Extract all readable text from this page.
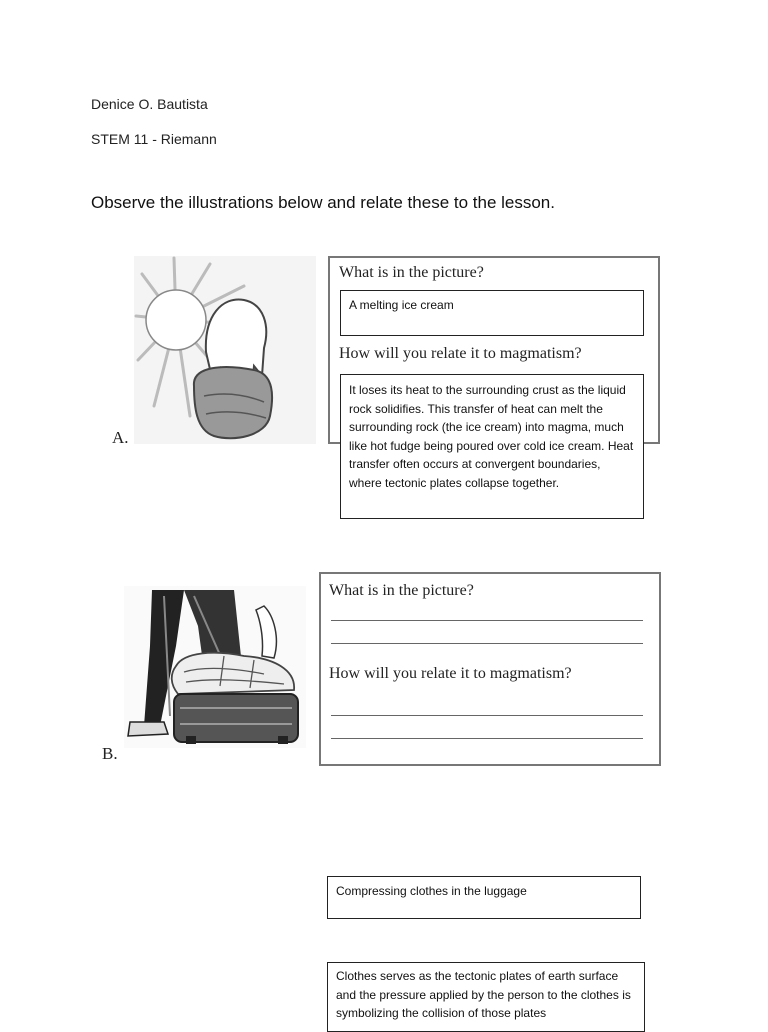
Denice O. Bautista
STEM 11 - Riemann
Observe the illustrations below and relate these to the lesson.
A.
What is in the picture?
How will you relate it to magmatism?
A melting ice cream
It loses its heat to the surrounding crust as the liquid rock solidifies. This transfer of heat can melt the surrounding rock (the ice cream) into magma, much like hot fudge being poured over cold ice cream. Heat transfer often occurs at convergent boundaries, where tectonic plates collapse together.
B.
What is in the picture?
How will you relate it to magmatism?
Compressing clothes in the luggage
Clothes serves as the tectonic plates of earth surface and the pressure applied by the person to the clothes is symbolizing the collision of those plates
